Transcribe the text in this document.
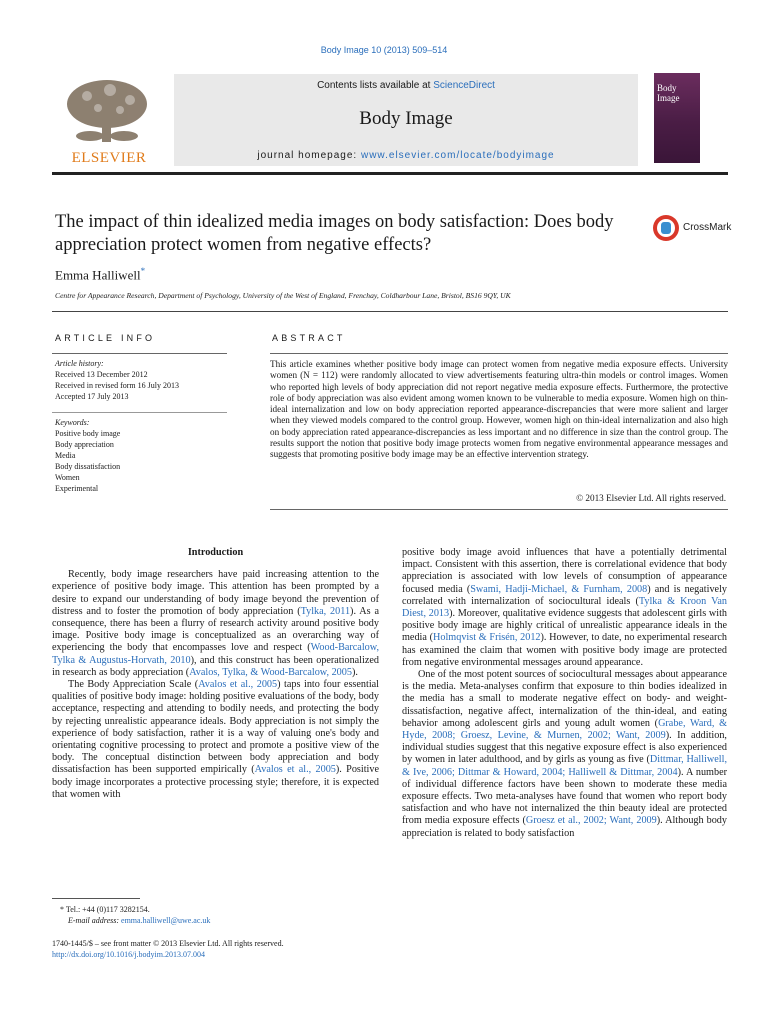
Body Image 10 (2013) 509–514
ELSEVIER
Contents lists available at ScienceDirect
Body Image
journal homepage: www.elsevier.com/locate/bodyimage
Body Image
The impact of thin idealized media images on body satisfaction: Does body appreciation protect women from negative effects?
CrossMark
Emma Halliwell*
Centre for Appearance Research, Department of Psychology, University of the West of England, Frenchay, Coldharbour Lane, Bristol, BS16 9QY, UK
ARTICLE INFO	ABSTRACT
Article history:
Received 13 December 2012
Received in revised form 16 July 2013
Accepted 17 July 2013
Keywords:
Positive body image
Body appreciation
Media
Body dissatisfaction
Women
Experimental
This article examines whether positive body image can protect women from negative media exposure effects. University women (N = 112) were randomly allocated to view advertisements featuring ultra-thin models or control images. Women who reported high levels of body appreciation did not report negative media exposure effects. Furthermore, the protective role of body appreciation was also evident among women known to be vulnerable to media exposure. Women high on thin-ideal internalization and low on body appreciation reported appearance-discrepancies that were more salient and larger when they viewed models compared to the control group. However, women high on thin-ideal internalization and also high on body appreciation rated appearance-discrepancies as less important and no difference in size than the control group. The results support the notion that positive body image protects women from negative environmental appearance messages and suggests that promoting positive body image may be an effective intervention strategy.
© 2013 Elsevier Ltd. All rights reserved.
Introduction

Recently, body image researchers have paid increasing attention to the experience of positive body image. This attention has been prompted by a desire to expand our understanding of body image beyond the prevention of distress and to foster the promotion of body appreciation (Tylka, 2011). As a consequence, there has been a flurry of research activity around positive body image. Positive body image is conceptualized as an overarching way of experiencing the body that encompasses love and respect (Wood-Barcalow, Tylka & Augustus-Horvath, 2010), and this construct has been operationalized in research as body appreciation (Avalos, Tylka, & Wood-Barcalow, 2005).

The Body Appreciation Scale (Avalos et al., 2005) taps into four essential qualities of positive body image: holding positive evaluations of the body, body acceptance, respecting and attending to bodily needs, and protecting the body by rejecting unrealistic appearance ideals. Body appreciation is not simply the experience of body satisfaction, rather it is a way of valuing one's body and orientating cognitive processing to protect and promote a positive view of the body. The conceptual distinction between body appreciation and body dissatisfaction has been supported empirically (Avalos et al., 2005). Positive body image incorporates a protective processing style; therefore, it is expected that women with

positive body image avoid influences that have a potentially detrimental impact. Consistent with this assertion, there is correlational evidence that body appreciation is associated with low levels of consumption of appearance focused media (Swami, Hadji-Michael, & Furnham, 2008) and is negatively correlated with internalization of sociocultural ideals (Tylka & Kroon Van Diest, 2013). Moreover, qualitative evidence suggests that adolescent girls with positive body image are highly critical of unrealistic appearance ideals in the media (Holmqvist & Frisén, 2012). However, to date, no experimental research has examined the claim that women with positive body image are protected from negative environmental messages around appearance.

One of the most potent sources of sociocultural messages about appearance is the media. Meta-analyses confirm that exposure to thin bodies idealized in the media has a small to moderate negative effect on body- and weight-dissatisfaction, negative affect, internalization of the thin-ideal, and eating behavior among adolescent girls and young adult women (Grabe, Ward, & Hyde, 2008; Groesz, Levine, & Murnen, 2002; Want, 2009). In addition, individual studies suggest that this negative exposure effect is also experienced by women in later adulthood, and by girls as young as five (Dittmar, Halliwell, & Ive, 2006; Dittmar & Howard, 2004; Halliwell & Dittmar, 2004). A number of individual difference factors have been shown to moderate these media exposure effects. Two meta-analyses have found that women who report body satisfaction and who have not internalized the thin beauty ideal are protected from media exposure effects (Groesz et al., 2002; Want, 2009). Although body appreciation is related to body satisfaction

* Tel.: +44 (0)117 3282154.
E-mail address: emma.halliwell@uwe.ac.uk
1740-1445/$ – see front matter © 2013 Elsevier Ltd. All rights reserved.
http://dx.doi.org/10.1016/j.bodyim.2013.07.004
